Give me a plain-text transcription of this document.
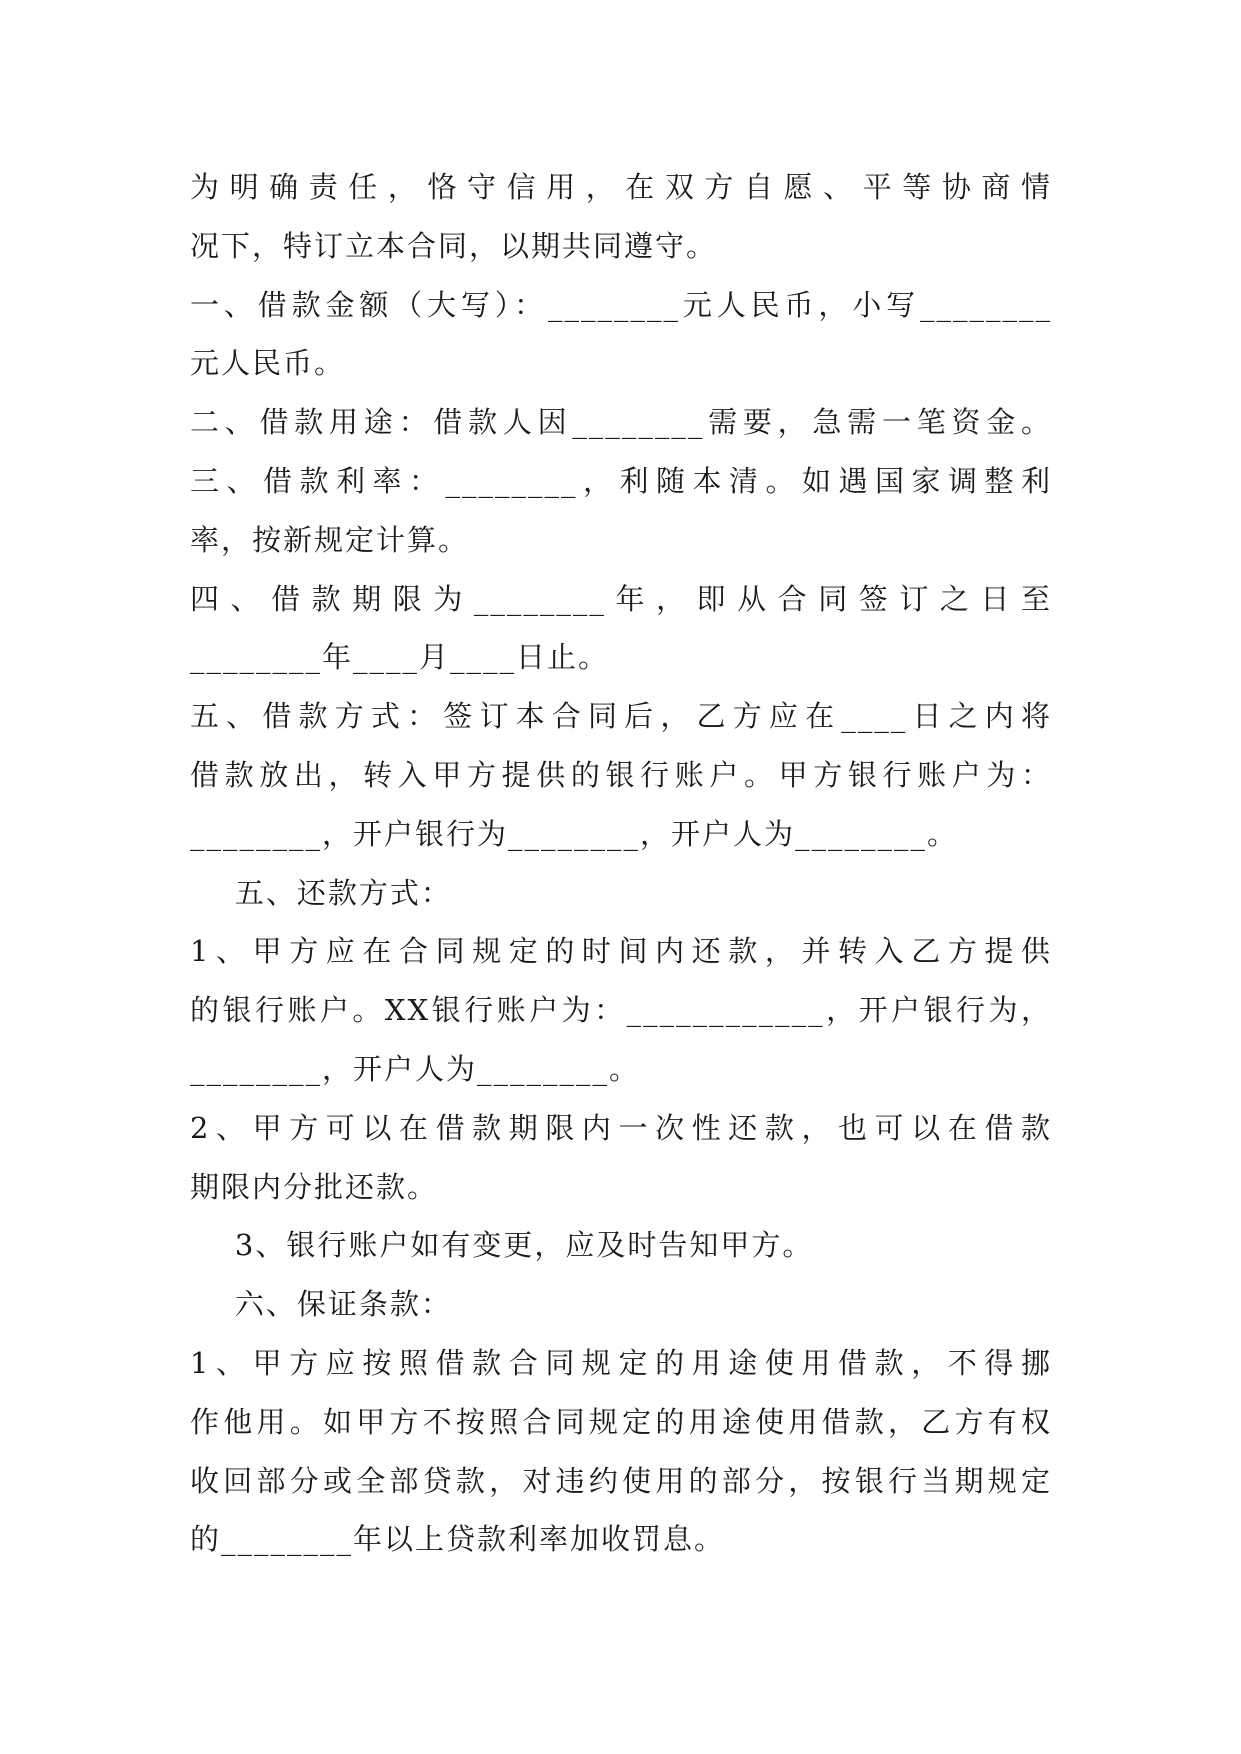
为明确责任，恪守信用，在双方自愿、平等协商情
况下，特订立本合同，以期共同遵守。
一、借款金额（大写）：________元人民币，小写________
元人民币。
二、借款用途：借款人因________需要，急需一笔资金。
三、借款利率：________，利随本清。如遇国家调整利
率，按新规定计算。
四、借款期限为________年，即从合同签订之日至
________年____月____日止。
五、借款方式：签订本合同后，乙方应在____日之内将
借款放出，转入甲方提供的银行账户。甲方银行账户为：
________，开户银行为________，开户人为________。
五、还款方式：
1、甲方应在合同规定的时间内还款，并转入乙方提供
的银行账户。XX银行账户为：____________，开户银行为，
________，开户人为________。
2、甲方可以在借款期限内一次性还款，也可以在借款
期限内分批还款。
3、银行账户如有变更，应及时告知甲方。
六、保证条款：
1、甲方应按照借款合同规定的用途使用借款，不得挪
作他用。如甲方不按照合同规定的用途使用借款，乙方有权
收回部分或全部贷款，对违约使用的部分，按银行当期规定
的________年以上贷款利率加收罚息。
